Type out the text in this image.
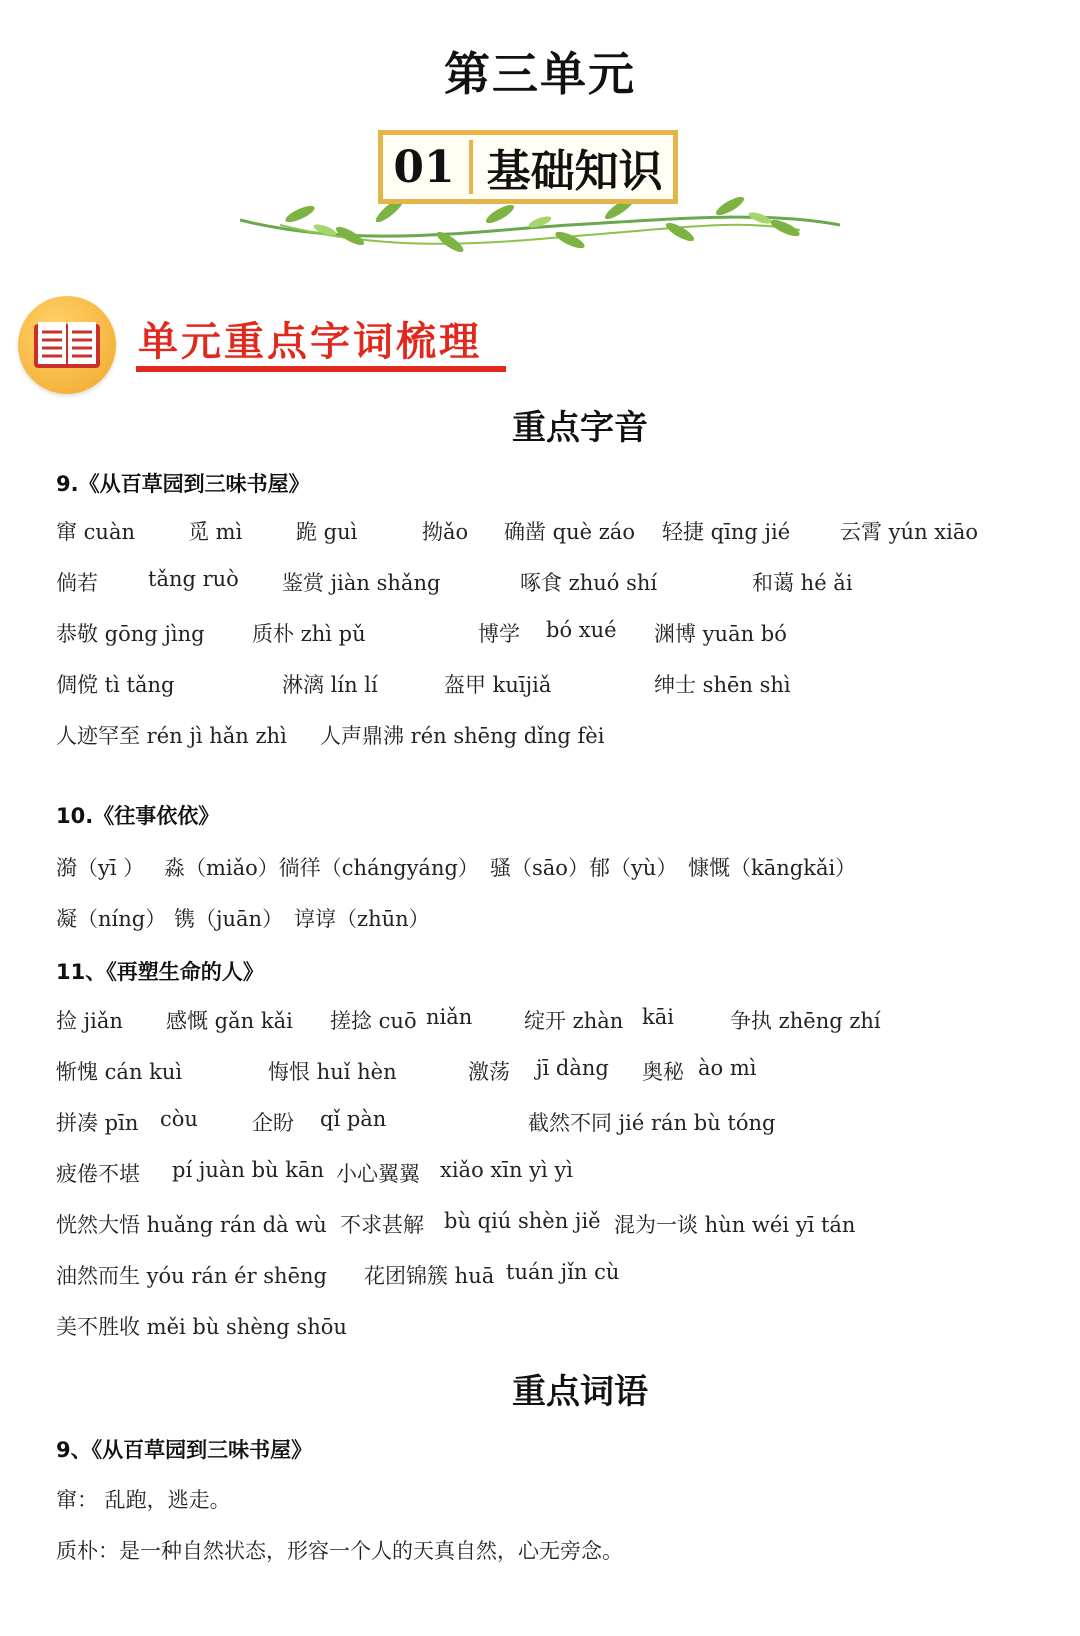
第三单元
01 基础知识
单元重点字词梳理
重点字音
9.《从百草园到三味书屋》
窜 cuàn	觅 mì	跪 guì	拗ǎo 确凿 què záo 轻捷 qīng jié 云霄 yún xiāo
倘若 tǎng ruò 鉴赏 jiàn shǎng	啄食 zhuó shí	和蔼 hé ǎi
恭敬 gōng jìng 质朴 zhì pǔ	博学 bó xué 渊博 yuān bó
倜傥 tì tǎng	淋漓 lín lí	盔甲 kuījiǎ	绅士 shēn shì
人迹罕至 rén jì hǎn zhì 人声鼎沸 rén shēng dǐng fèi
10.《往事依依》
漪（yī ） 淼（miǎo）徜徉（chángyáng） 骚（sāo）郁（yù） 慷慨（kāngkǎi）
凝（níng） 镌（juān） 谆谆（zhūn）
11、《再塑生命的人》
捡 jiǎn 感慨 gǎn kǎi 搓捻 cuō niǎn 绽开 zhàn kāi	争执 zhēng zhí
惭愧 cán kuì	悔恨 huǐ hèn	激荡 jī dàng 奥秘 ào mì
拼凑 pīn còu	企盼 qǐ pàn	截然不同 jié rán bù tóng
疲倦不堪 pí juàn bù kān 小心翼翼 xiǎo xīn yì yì
恍然大悟 huǎng rán dà wù 不求甚解 bù qiú shèn jiě 混为一谈 hùn wéi yī tán
油然而生 yóu rán ér shēng 花团锦簇 huā tuán jǐn cù
美不胜收 měi bù shèng shōu
重点词语
9、《从百草园到三味书屋》
窜： 乱跑，逃走。
质朴：是一种自然状态，形容一个人的天真自然，心无旁念。
